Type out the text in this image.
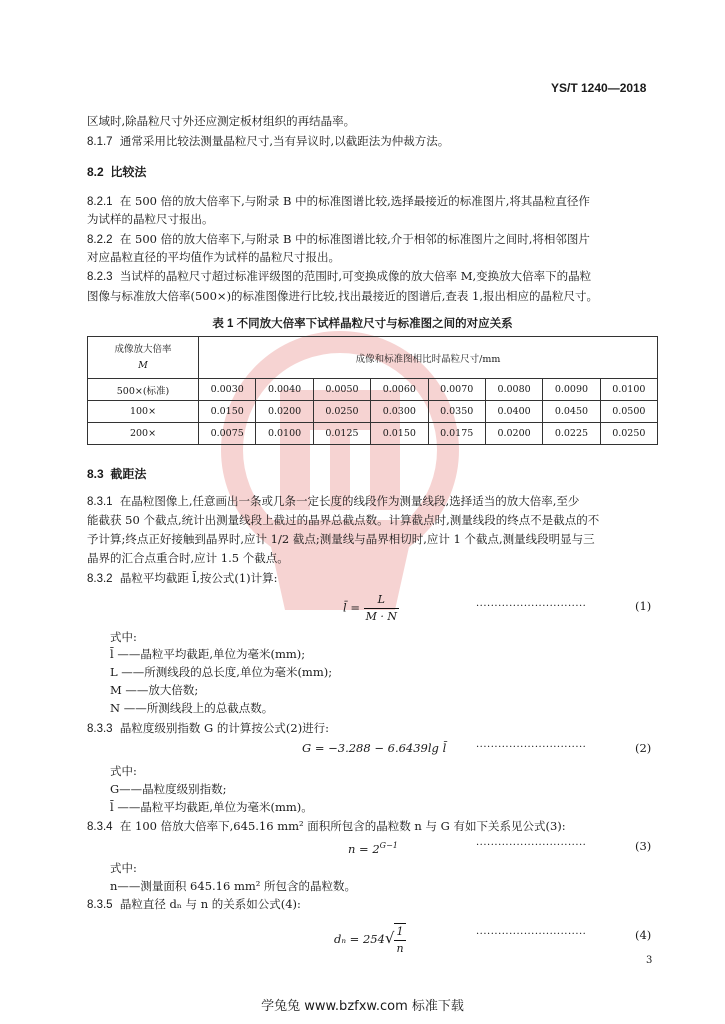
YS/T 1240—2018
区域时,除晶粒尺寸外还应测定板材组织的再结晶率。
8.1.7 通常采用比较法测量晶粒尺寸,当有异议时,以截距法为仲裁方法。
8.2 比较法
8.2.1 在 500 倍的放大倍率下,与附录 B 中的标准图谱比较,选择最接近的标准图片,将其晶粒直径作
为试样的晶粒尺寸报出。
8.2.2 在 500 倍的放大倍率下,与附录 B 中的标准图谱比较,介于相邻的标准图片之间时,将相邻图片
对应晶粒直径的平均值作为试样的晶粒尺寸报出。
8.2.3 当试样的晶粒尺寸超过标准评级图的范围时,可变换成像的放大倍率 M,变换放大倍率下的晶粒
图像与标准放大倍率(500×)的标准图像进行比较,找出最接近的图谱后,查表 1,报出相应的晶粒尺寸。
表 1 不同放大倍率下试样晶粒尺寸与标准图之间的对应关系
成像放大倍率
M	成像和标准图相比时晶粒尺寸/mm							
500×(标准)	0.0030	0.0040	0.0050	0.0060	0.0070	0.0080	0.0090	0.0100
100×	0.0150	0.0200	0.0250	0.0300	0.0350	0.0400	0.0450	0.0500
200×	0.0075	0.0100	0.0125	0.0150	0.0175	0.0200	0.0225	0.0250
8.3 截距法
8.3.1 在晶粒图像上,任意画出一条或几条一定长度的线段作为测量线段,选择适当的放大倍率,至少
能截获 50 个截点,统计出测量线段上截过的晶界总截点数。计算截点时,测量线段的终点不是截点的不
予计算;终点正好接触到晶界时,应计 1/2 截点;测量线与晶界相切时,应计 1 个截点,测量线段明显与三
晶界的汇合点重合时,应计 1.5 个截点。
8.3.2 晶粒平均截距 l̄,按公式(1)计算:
l̄ = $\frac{L}{M \cdot N}$	······························	(1)
式中:
l̄ ——晶粒平均截距,单位为毫米(mm);
L ——所测线段的总长度,单位为毫米(mm);
M ——放大倍数;
N ——所测线段上的总截点数。
8.3.3 晶粒度级别指数 G 的计算按公式(2)进行:
G = −3.288 − 6.6439lg l̄	······························	(2)
式中:
G——晶粒度级别指数;
l̄ ——晶粒平均截距,单位为毫米(mm)。
8.3.4 在 100 倍放大倍率下,645.16 mm² 面积所包含的晶粒数 n 与 G 有如下关系见公式(3):
$n = 2^{G-1}$	······························	(3)
式中:
n——测量面积 645.16 mm² 所包含的晶粒数。
8.3.5 晶粒直径 dₙ 与 n 的关系如公式(4):
$d_n = 254√ \frac{1}{n}$	······························	(4)
3
学兔兔 www.bzfxw.com 标准下载
